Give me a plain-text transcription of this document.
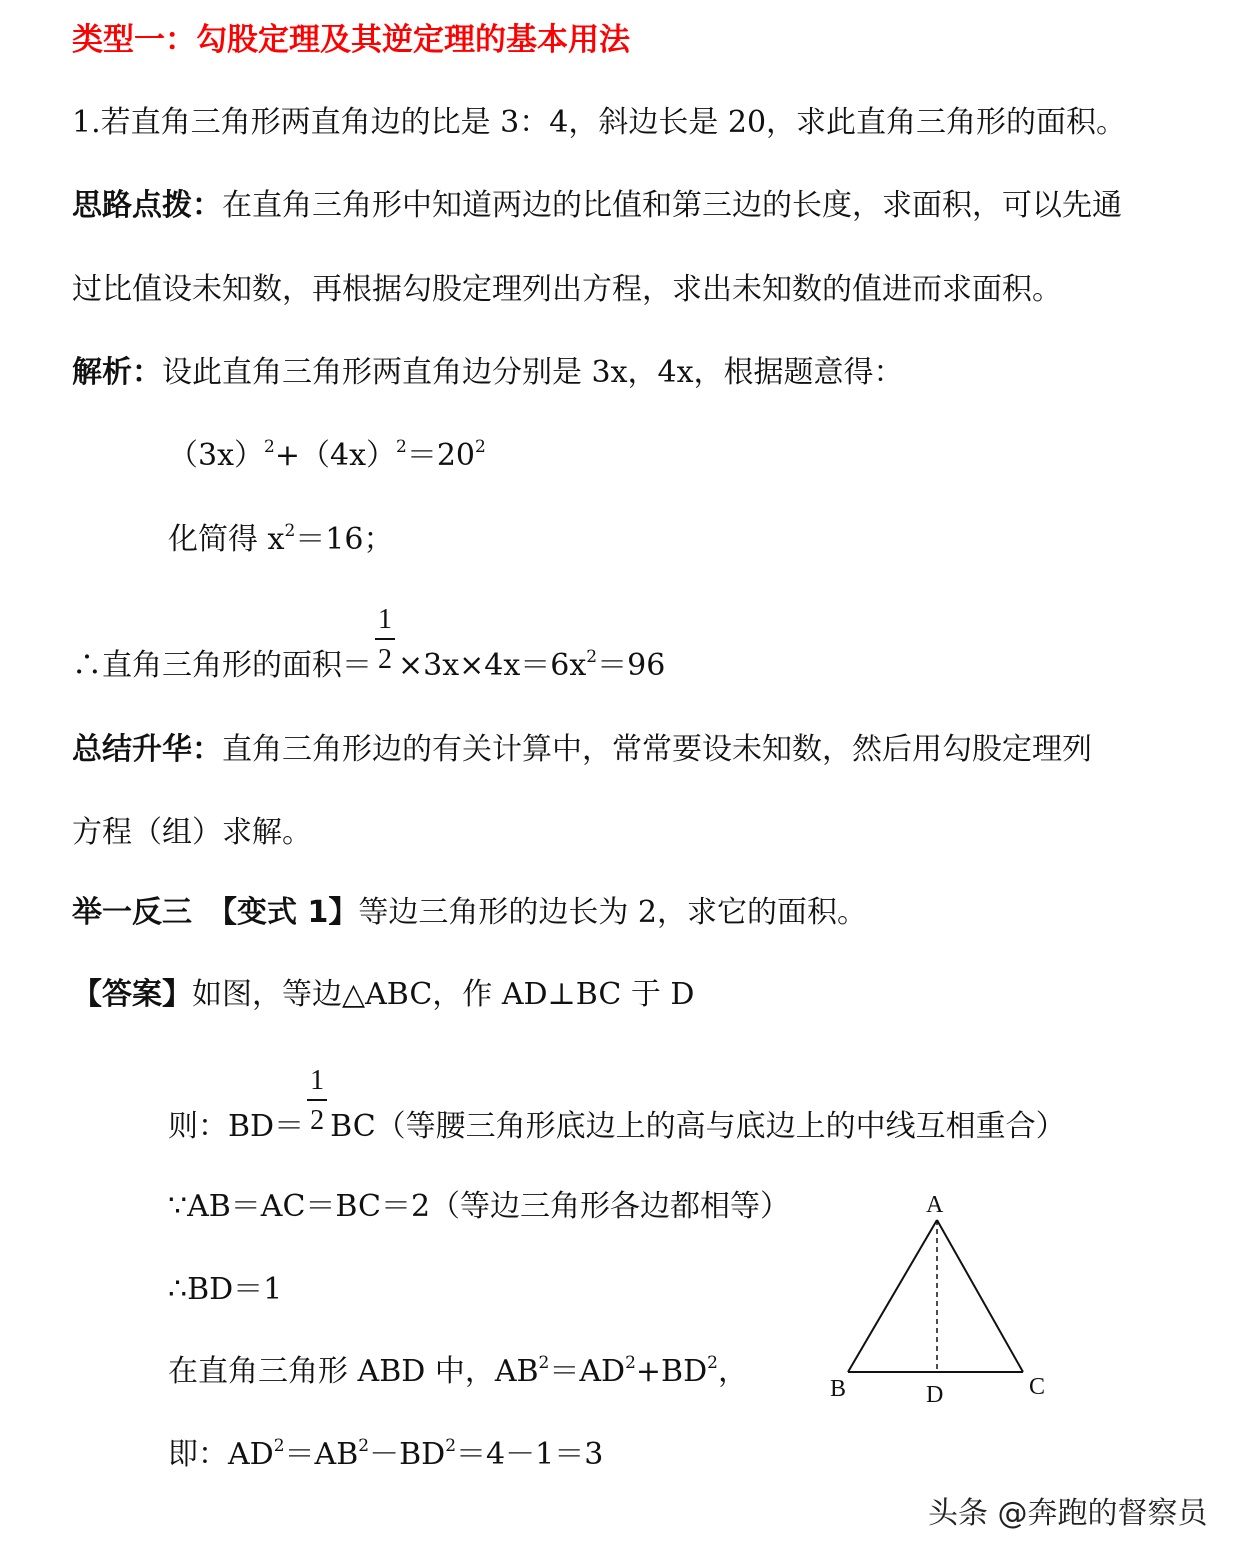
类型一：勾股定理及其逆定理的基本用法
1.若直角三角形两直角边的比是 3：4，斜边长是 20，求此直角三角形的面积。
思路点拨：在直角三角形中知道两边的比值和第三边的长度，求面积，可以先通
过比值设未知数，再根据勾股定理列出方程，求出未知数的值进而求面积。
解析：设此直角三角形两直角边分别是 3x，4x，根据题意得：
$(3x)^2+(4x)^2=20^2$
化简得 $x^2=16$；
∴直角三角形的面积＝ $\frac{1}{2} \times 3x\times 4x=6x^2=96$
总结升华：直角三角形边的有关计算中，常常要设未知数，然后用勾股定理列
方程（组）求解。
举一反三　【变式 1】等边三角形的边长为 2，求它的面积。
【答案】如图，等边△ABC，作 AD⊥BC 于 D
则：$BD= \frac{1}{2} BC$（等腰三角形底边上的高与底边上的中线互相重合）
∵AB＝AC＝BC＝2（等边三角形各边都相等）
∴BD＝1
在直角三角形 ABD 中，$AB^2=AD^2+BD^2$，
即：$AD^2=AB^2-BD^2=4-1=3$
A
B	C
D
头条 @奔跑的督察员
